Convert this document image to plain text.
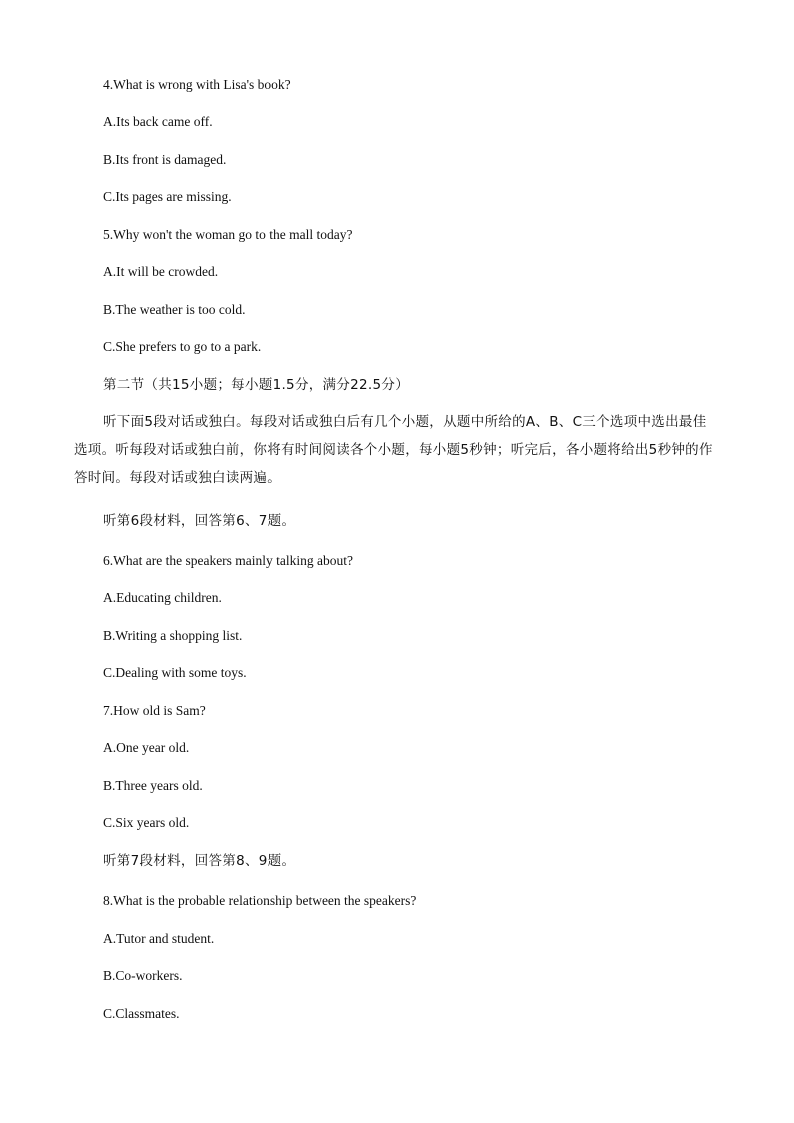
4.What is wrong with Lisa's book?
A.Its back came off.
B.Its front is damaged.
C.Its pages are missing.
5.Why won't the woman go to the mall today?
A.It will be crowded.
B.The weather is too cold.
C.She prefers to go to a park.
第二节（共15小题；每小题1.5分，满分22.5分）
听下面5段对话或独白。每段对话或独白后有几个小题，从题中所给的A、B、C三个选项中选出最佳选项。听每段对话或独白前，你将有时间阅读各个小题，每小题5秒钟；听完后，各小题将给出5秒钟的作答时间。每段对话或独白读两遍。
听第6段材料，回答第6、7题。
6.What are the speakers mainly talking about?
A.Educating children.
B.Writing a shopping list.
C.Dealing with some toys.
7.How old is Sam?
A.One year old.
B.Three years old.
C.Six years old.
听第7段材料，回答第8、9题。
8.What is the probable relationship between the speakers?
A.Tutor and student.
B.Co-workers.
C.Classmates.
